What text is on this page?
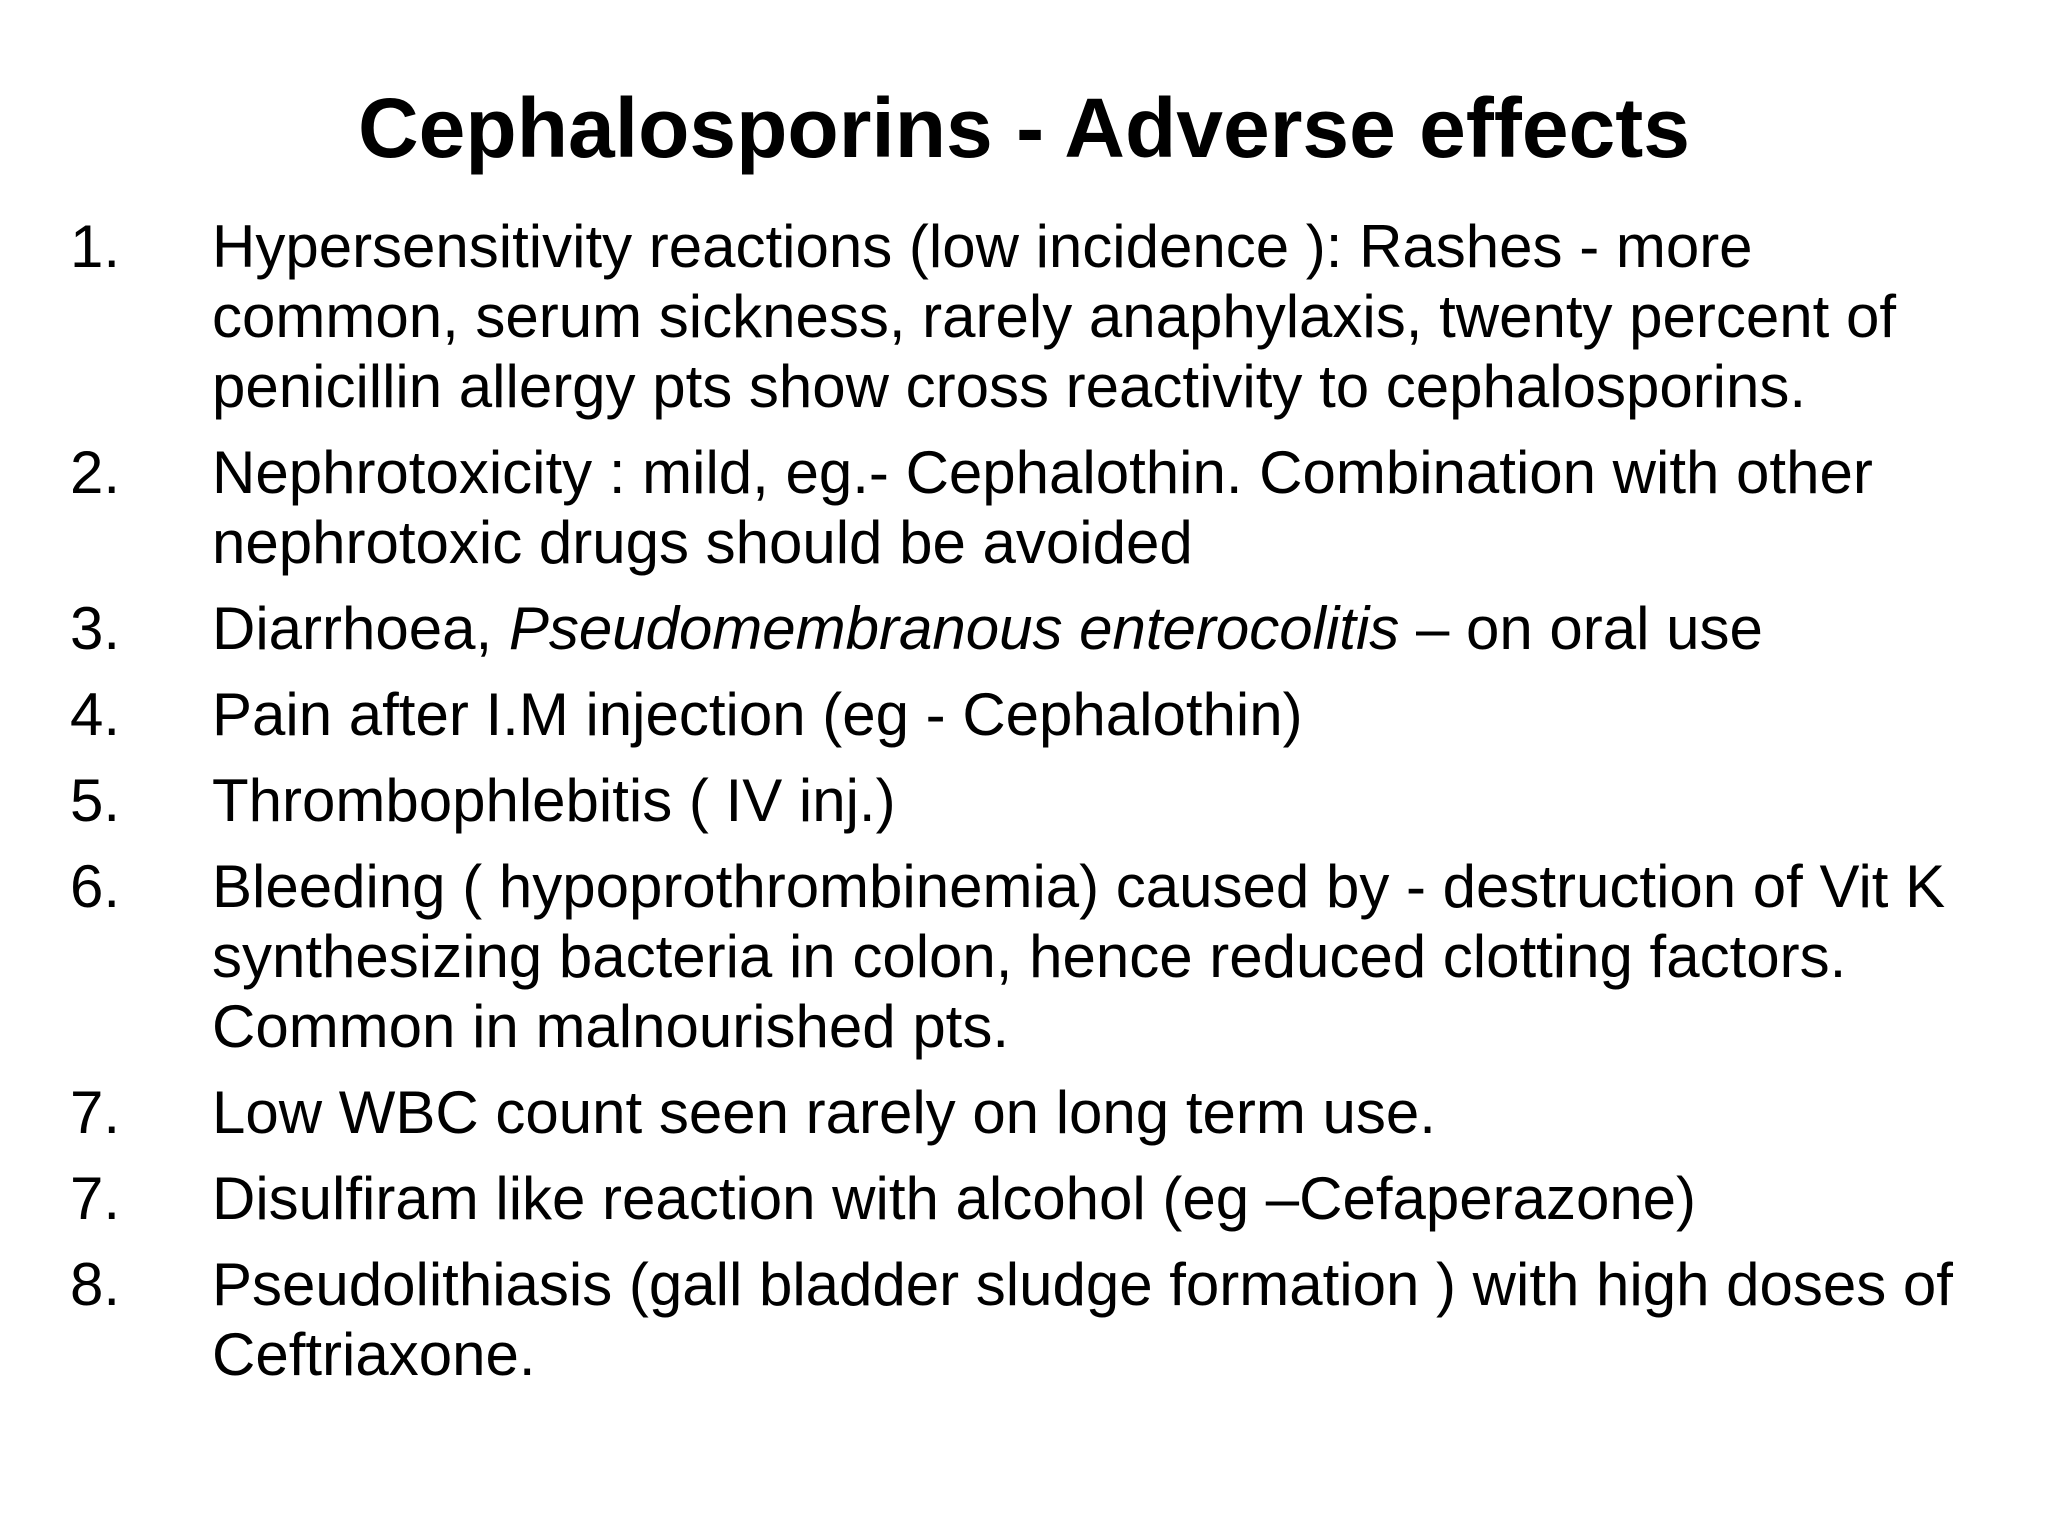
Cephalosporins - Adverse effects
1.	Hypersensitivity reactions (low incidence ): Rashes - more common, serum sickness, rarely anaphylaxis, twenty percent of penicillin allergy pts show cross reactivity to cephalosporins.
2.	Nephrotoxicity : mild, eg.- Cephalothin. Combination with other nephrotoxic drugs should be avoided
3.	Diarrhoea, Pseudomembranous enterocolitis – on oral use
4.	Pain after I.M injection (eg - Cephalothin)
5.	Thrombophlebitis ( IV inj.)
6.	Bleeding ( hypoprothrombinemia) caused by - destruction of Vit K synthesizing bacteria in colon, hence reduced clotting factors. Common in malnourished pts.
7.	Low WBC count seen rarely on long term use.
7.	Disulfiram like reaction with alcohol (eg –Cefaperazone)
8.	Pseudolithiasis (gall bladder sludge formation ) with high doses of Ceftriaxone.
